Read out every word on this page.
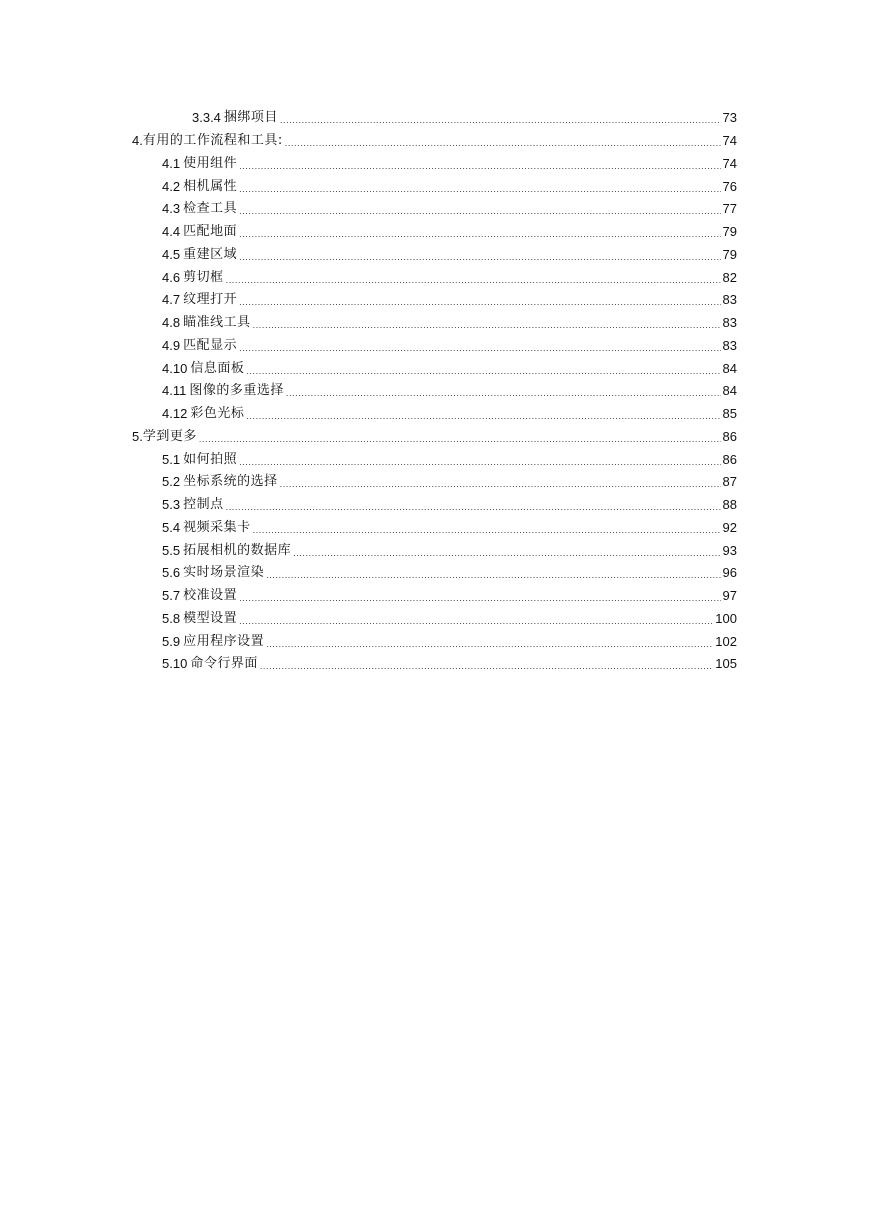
3.3.4 捆绑项目 .....	73
4. 有用的工作流程和工具: .....	74
4.1 使用组件 .....	74
4.2 相机属性 .....	76
4.3 检查工具 .....	77
4.4 匹配地面 .....	79
4.5 重建区域 .....	79
4.6 剪切框 .....	82
4.7 纹理打开 .....	83
4.8 瞄准线工具 .....	83
4.9 匹配显示 .....	83
4.10 信息面板 .....	84
4.11 图像的多重选择 .....	84
4.12 彩色光标 .....	85
5. 学到更多 .....	86
5.1 如何拍照 .....	86
5.2 坐标系统的选择 .....	87
5.3 控制点 .....	88
5.4 视频采集卡 .....	92
5.5 拓展相机的数据库 .....	93
5.6 实时场景渲染 .....	96
5.7 校准设置 .....	97
5.8 模型设置 .....	100
5.9 应用程序设置 .....	102
5.10 命令行界面 .....	105
